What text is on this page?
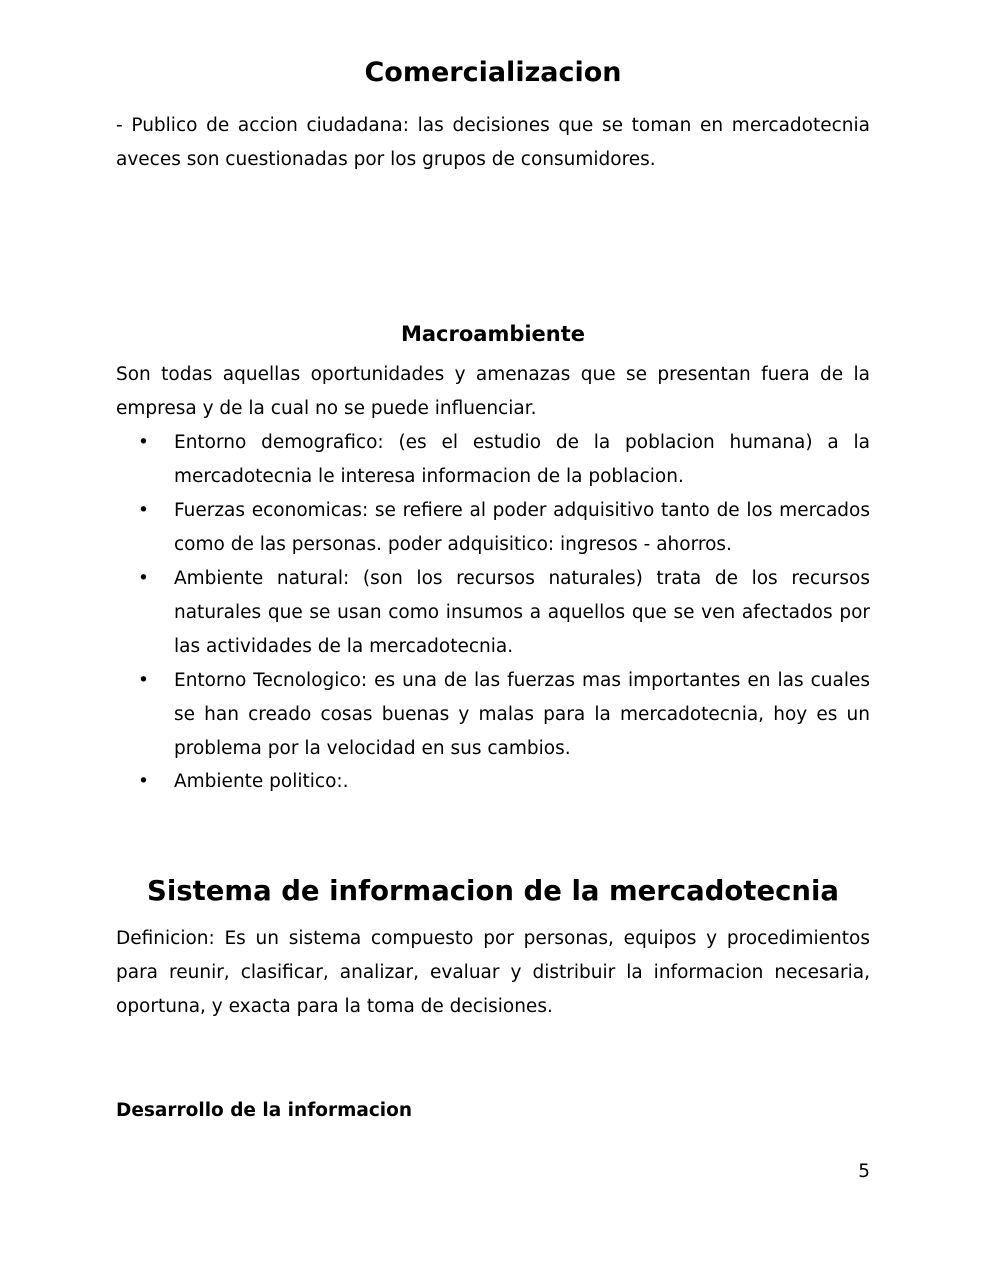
Comercializacion

- Publico de accion ciudadana: las decisiones que se toman en mercadotecnia aveces son cuestionadas por los grupos de consumidores.

Macroambiente

Son todas aquellas oportunidades y amenazas que se presentan fuera de la empresa y de la cual no se puede influenciar.

• Entorno demografico: (es el estudio de la poblacion humana) a la mercadotecnia le interesa informacion de la poblacion.
• Fuerzas economicas: se refiere al poder adquisitivo tanto de los mercados como de las personas. poder adquisitico: ingresos - ahorros.
• Ambiente natural: (son los recursos naturales) trata de los recursos naturales que se usan como insumos a aquellos que se ven afectados por las actividades de la mercadotecnia.
• Entorno Tecnologico: es una de las fuerzas mas importantes en las cuales se han creado cosas buenas y malas para la mercadotecnia, hoy es un problema por la velocidad en sus cambios.
• Ambiente politico:.
Sistema de informacion de la mercadotecnia

Definicion: Es un sistema compuesto por personas, equipos y procedimientos para reunir, clasificar, analizar, evaluar y distribuir la informacion necesaria, oportuna, y exacta para la toma de decisiones.

Desarrollo de la informacion
5
